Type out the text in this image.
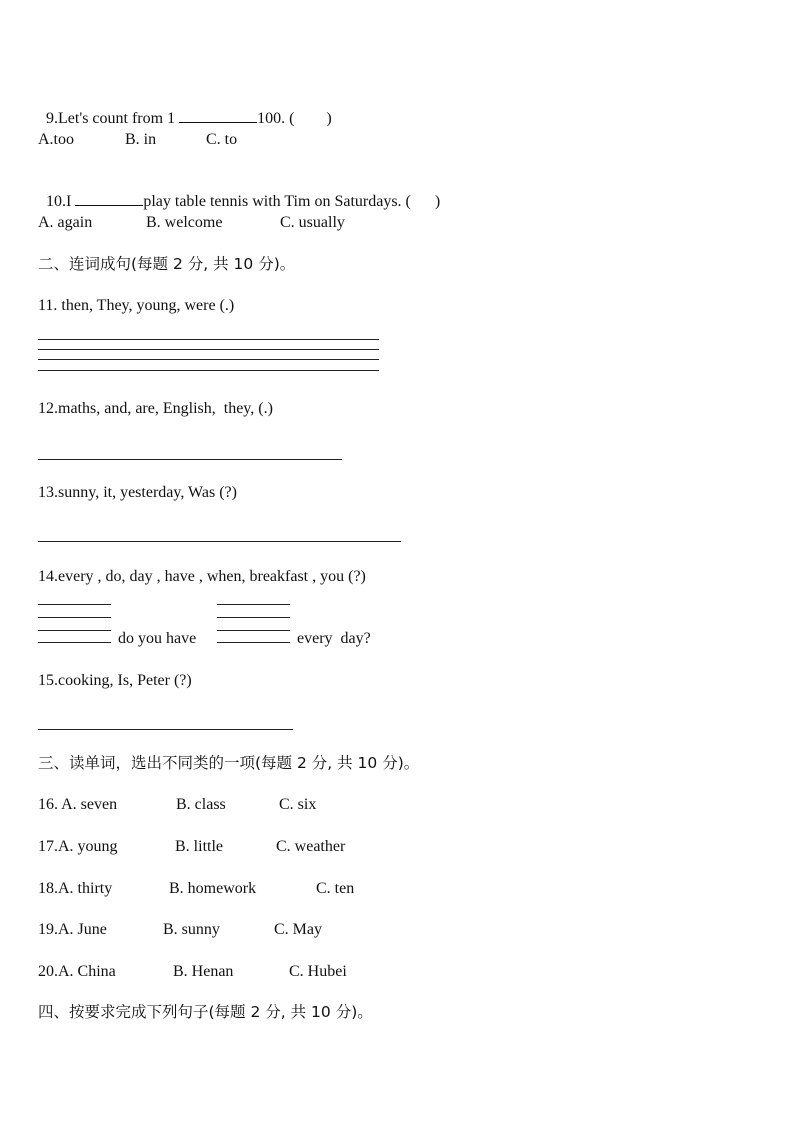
9.Let's count from 1	100. (        )

A.too	B. in	C. to

10.I	play table tennis with Tim on Saturdays. (      )

A. again	B. welcome	C. usually
二、连词成句(每题 2 分, 共 10 分)。
11. then, They, young, were (.)
12.maths, and, are, English,  they, (.)
13.sunny, it, yesterday, Was (?)
14.every , do, day , have , when, breakfast , you (?)
do you have	every  day?
15.cooking, Is, Peter (?)
三、读单词，选出不同类的一项(每题 2 分, 共 10 分)。
16. A. seven	B. class	C. six
17.A. young	B. little	C. weather
18.A. thirty	B. homework	C. ten
19.A. June	B. sunny	C. May
20.A. China	B. Henan	C. Hubei
四、按要求完成下列句子(每题 2 分, 共 10 分)。
